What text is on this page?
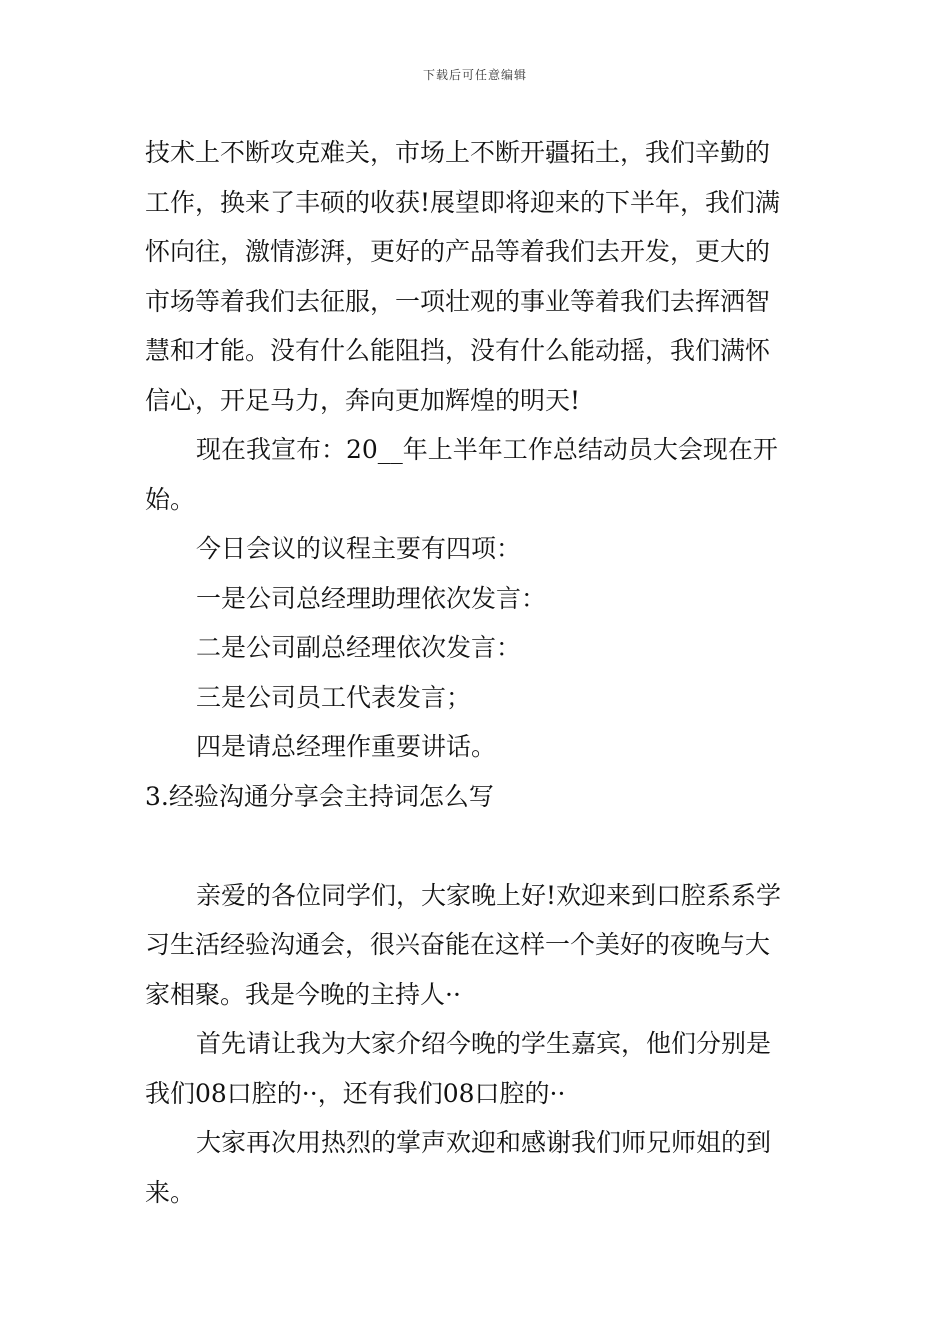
下载后可任意编辑
技术上不断攻克难关，市场上不断开疆拓土，我们辛勤的
工作，换来了丰硕的收获!展望即将迎来的下半年，我们满
怀向往，激情澎湃，更好的产品等着我们去开发，更大的
市场等着我们去征服，一项壮观的事业等着我们去挥洒智
慧和才能。没有什么能阻挡，没有什么能动摇，我们满怀
信心，开足马力，奔向更加辉煌的明天!
现在我宣布：20__年上半年工作总结动员大会现在开
始。
今日会议的议程主要有四项：
一是公司总经理助理依次发言：
二是公司副总经理依次发言：
三是公司员工代表发言；
四是请总经理作重要讲话。
3.经验沟通分享会主持词怎么写
亲爱的各位同学们，大家晚上好!欢迎来到口腔系系学
习生活经验沟通会，很兴奋能在这样一个美好的夜晚与大
家相聚。我是今晚的主持人··
首先请让我为大家介绍今晚的学生嘉宾，他们分别是
我们08口腔的··，还有我们08口腔的··
大家再次用热烈的掌声欢迎和感谢我们师兄师姐的到
来。
